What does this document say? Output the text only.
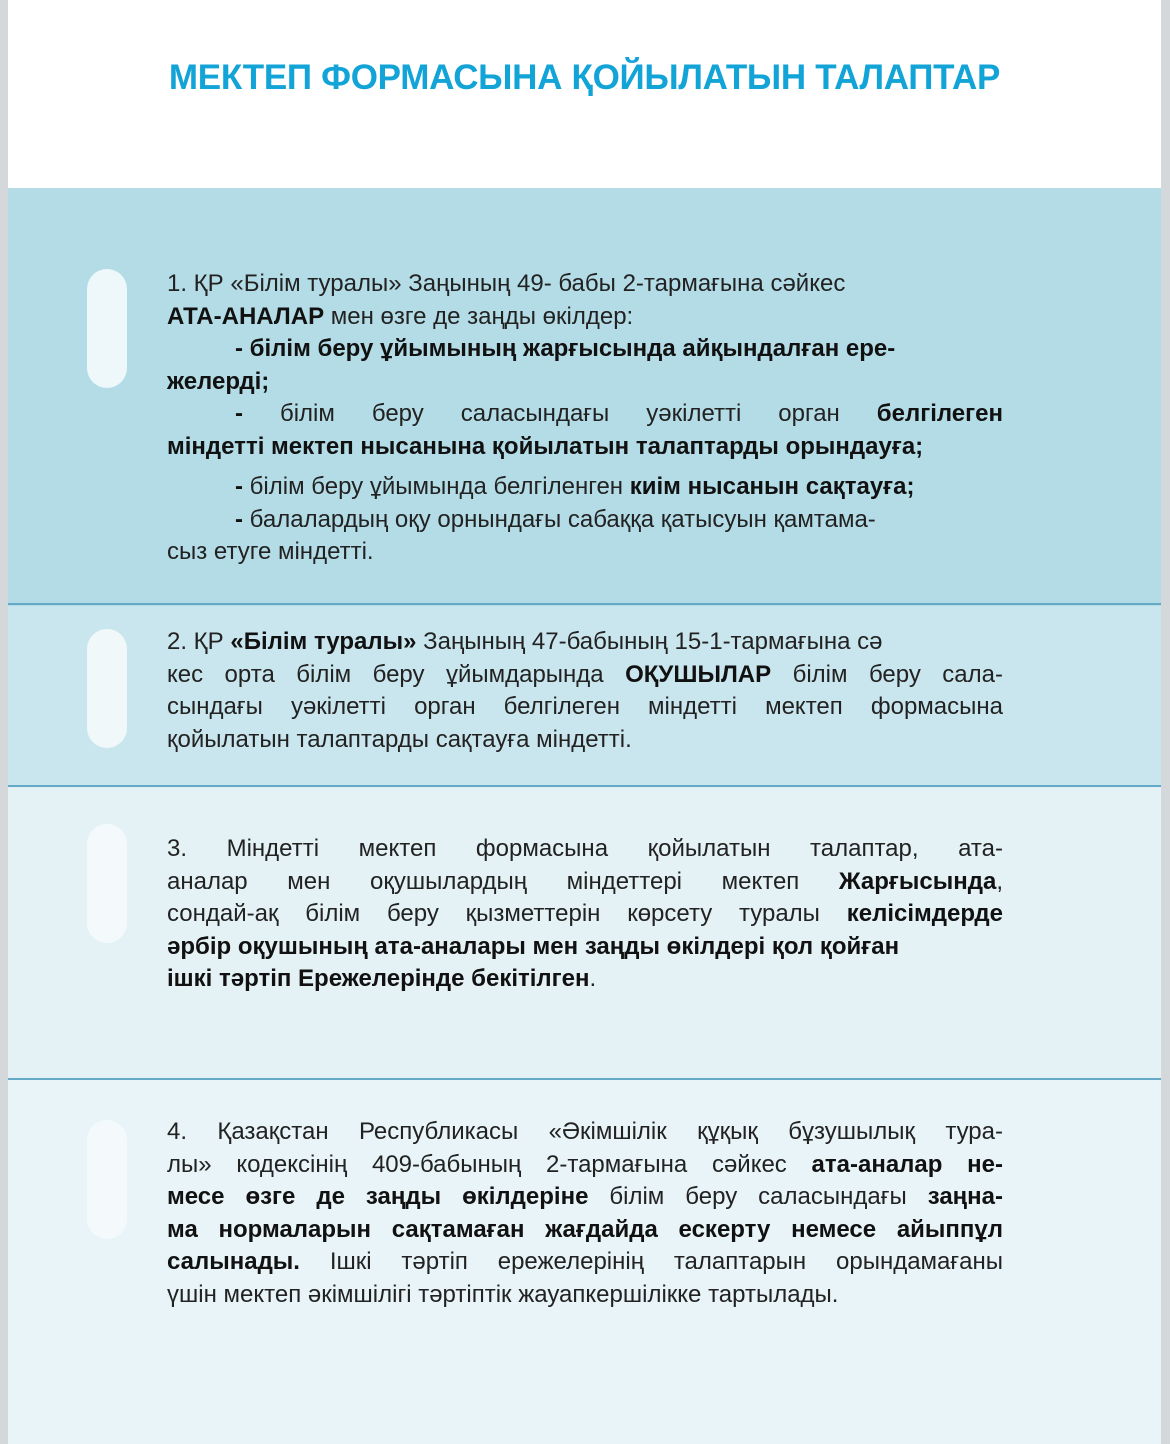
МЕКТЕП ФОРМАСЫНА ҚОЙЫЛАТЫН ТАЛАПТАР
1. ҚР «Білім туралы» Заңының 49- бабы 2-тармағына сәйкес
АТА-АНАЛАР мен өзге де заңды өкілдер:
- білім беру ұйымының жарғысында айқындалған ере-
желерді;
- білім беру саласындағы уәкілетті орган белгілеген
міндетті мектеп нысанына қойылатын талаптарды орындауға;
- білім беру ұйымында белгіленген киім нысанын сақтауға;
- балалардың оқу орнындағы сабаққа қатысуын қамтама-
сыз етуге міндетті.
2. ҚР «Білім туралы» Заңының 47-бабының 15-1-тармағына сә
кес орта білім беру ұйымдарында ОҚУШЫЛАР білім беру сала-
сындағы уәкілетті орган белгілеген міндетті мектеп формасына
қойылатын талаптарды сақтауға міндетті.
3. Міндетті мектеп формасына қойылатын талаптар, ата-
аналар мен оқушылардың міндеттері мектеп Жарғысында,
сондай-ақ білім беру қызметтерін көрсету туралы келісімдерде
әрбір оқушының ата-аналары мен заңды өкілдері қол қойған
ішкі тәртіп Ережелерінде бекітілген.
4. Қазақстан Республикасы «Әкімшілік құқық бұзушылық тура-
лы» кодексінің 409-бабының 2-тармағына сәйкес ата-аналар не-
месе өзге де заңды өкілдеріне білім беру саласындағы заңна-
ма нормаларын сақтамаған жағдайда ескерту немесе айыппұл
салынады. Ішкі тәртіп ережелерінің талаптарын орындамағаны
үшін мектеп әкімшілігі тәртіптік жауапкершілікке тартылады.
